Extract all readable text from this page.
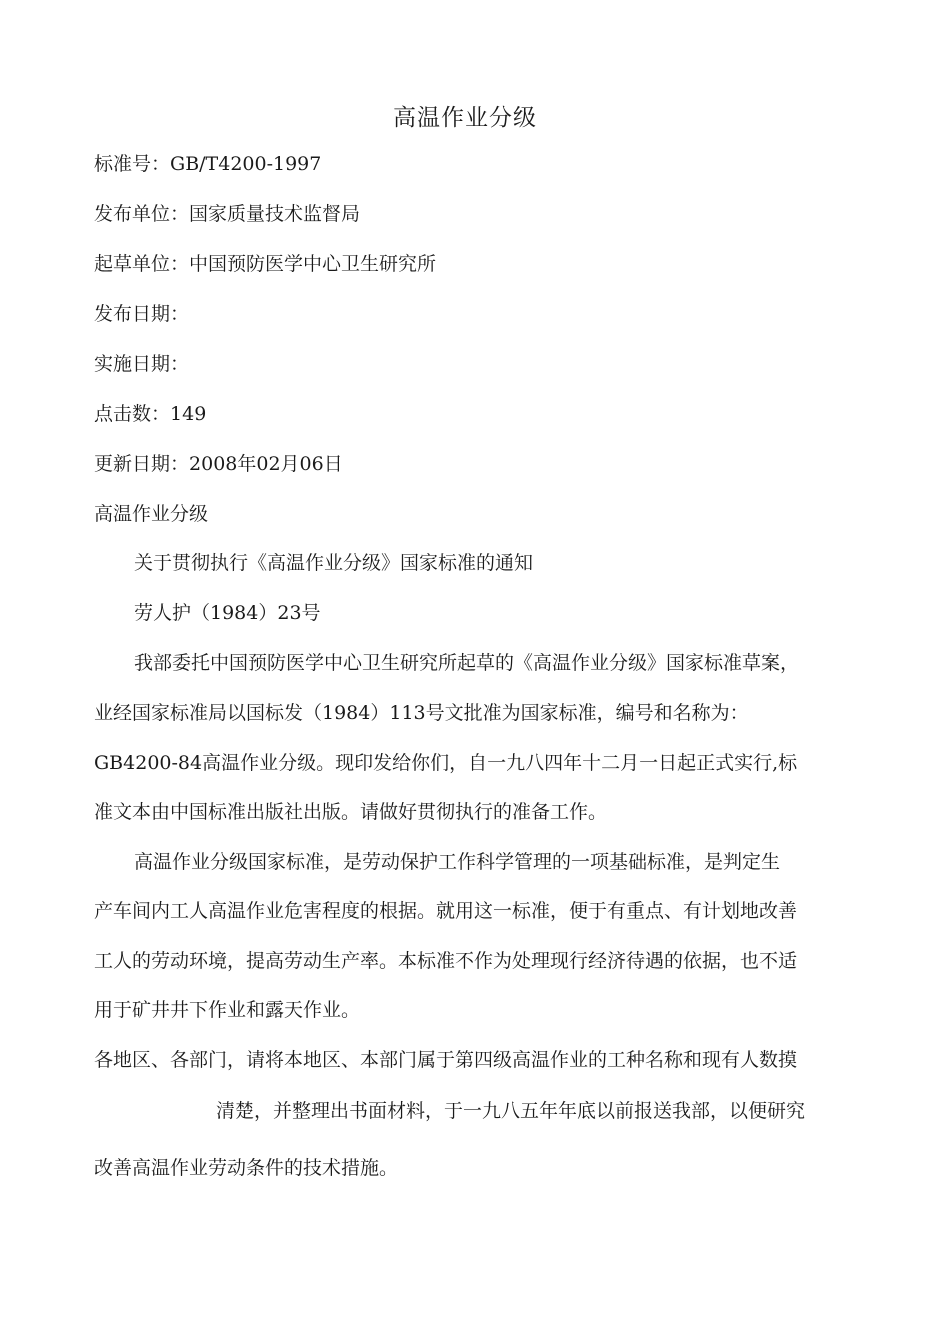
高温作业分级
标准号：GB/T4200-1997
发布单位：国家质量技术监督局
起草单位：中国预防医学中心卫生研究所
发布日期：
实施日期：
点击数：149
更新日期：2008年02月06日
高温作业分级
关于贯彻执行《高温作业分级》国家标准的通知
劳人护（1984）23号
我部委托中国预防医学中心卫生研究所起草的《高温作业分级》国家标准草案，
业经国家标准局以国标发（1984）113号文批准为国家标准，编号和名称为：
GB4200-84高温作业分级。现印发给你们，自一九八四年十二月一日起正式实行,标
准文本由中国标准出版社出版。请做好贯彻执行的准备工作。
高温作业分级国家标准，是劳动保护工作科学管理的一项基础标准，是判定生
产车间内工人高温作业危害程度的根据。就用这一标准，便于有重点、有计划地改善
工人的劳动环境，提高劳动生产率。本标准不作为处理现行经济待遇的依据，也不适
用于矿井井下作业和露天作业。
各地区、各部门，请将本地区、本部门属于第四级高温作业的工种名称和现有人数摸
清楚，并整理出书面材料，于一九八五年年底以前报送我部，以便研究
改善高温作业劳动条件的技术措施。
